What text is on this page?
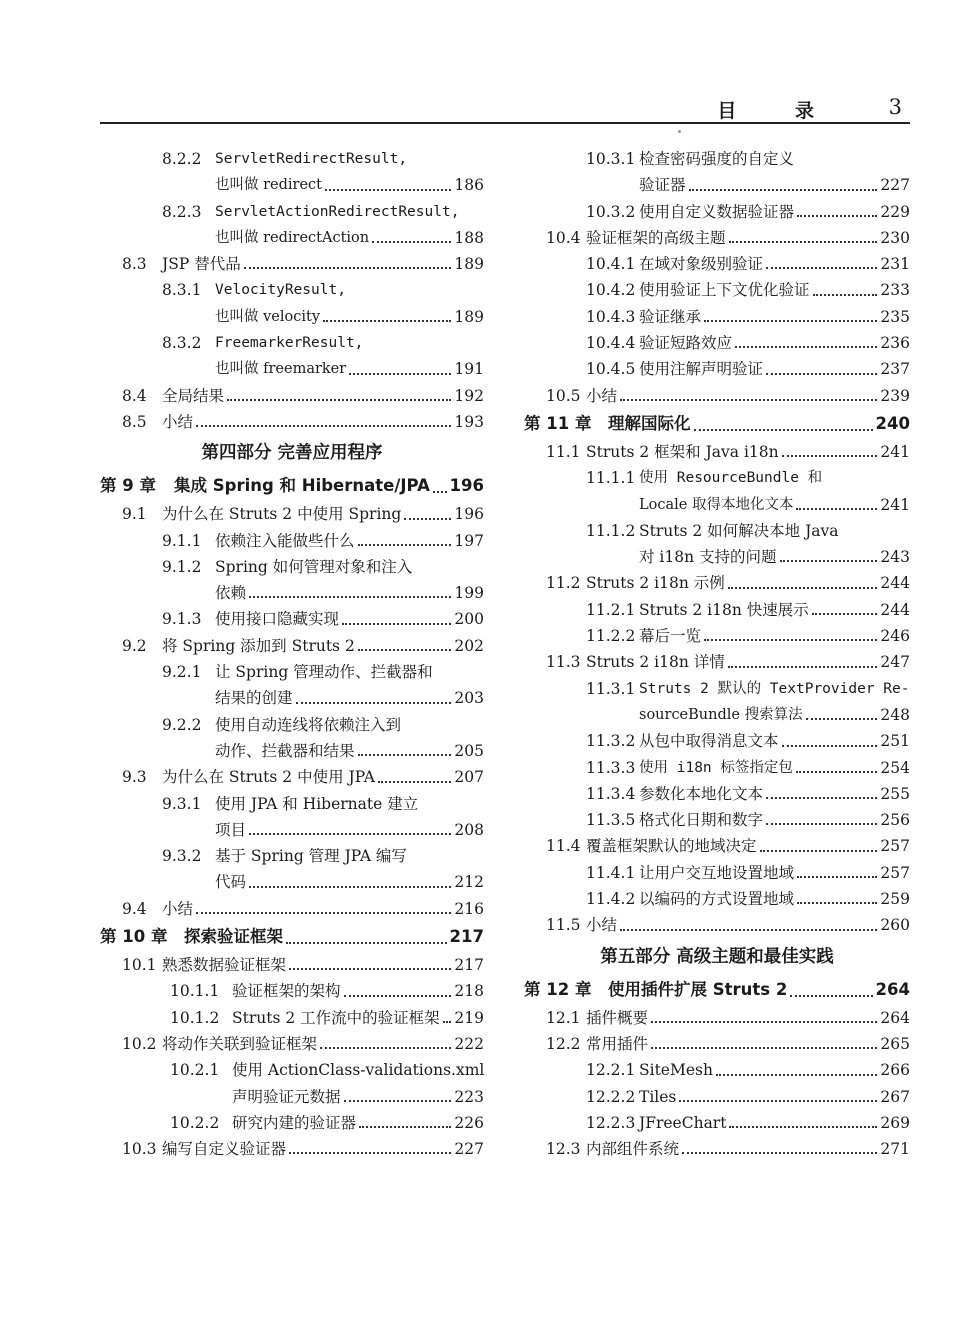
目 录 3
8.2.2 ServletRedirectResult,
也叫做 redirect	186
8.2.3 ServletActionRedirectResult,
也叫做 redirectAction	188
8.3 JSP 替代品	189
8.3.1 VelocityResult,
也叫做 velocity	189
8.3.2 FreemarkerResult,
也叫做 freemarker	191
8.4 全局结果	192
8.5 小结	193
第四部分 完善应用程序
第 9 章 集成 Spring 和 Hibernate/JPA 196
9.1 为什么在 Struts 2 中使用 Spring	196
9.1.1 依赖注入能做些什么	197
9.1.2 Spring 如何管理对象和注入
依赖	199
9.1.3 使用接口隐藏实现	200
9.2 将 Spring 添加到 Struts 2	202
9.2.1 让 Spring 管理动作、拦截器和
结果的创建	203
9.2.2 使用自动连线将依赖注入到
动作、拦截器和结果	205
9.3 为什么在 Struts 2 中使用 JPA	207
9.3.1 使用 JPA 和 Hibernate 建立
项目	208
9.3.2 基于 Spring 管理 JPA 编写
代码	212
9.4 小结	216
第 10 章 探索验证框架	217
10.1 熟悉数据验证框架	217
10.1.1 验证框架的架构	218
10.1.2 Struts 2 工作流中的验证框架 219
10.2 将动作关联到验证框架	222
10.2.1 使用 ActionClass-validations.xml
声明验证元数据	223
10.2.2 研究内建的验证器	226
10.3 编写自定义验证器	227
10.3.1 检查密码强度的自定义
验证器	227
10.3.2 使用自定义数据验证器	229
10.4 验证框架的高级主题	230
10.4.1 在域对象级别验证	231
10.4.2 使用验证上下文优化验证	233
10.4.3 验证继承	235
10.4.4 验证短路效应	236
10.4.5 使用注解声明验证	237
10.5 小结	239
第 11 章 理解国际化	240
11.1 Struts 2 框架和 Java i18n	241
11.1.1 使用 ResourceBundle 和
Locale 取得本地化文本	241
11.1.2 Struts 2 如何解决本地 Java
对 i18n 支持的问题	243
11.2 Struts 2 i18n 示例	244
11.2.1 Struts 2 i18n 快速展示	244
11.2.2 幕后一览	246
11.3 Struts 2 i18n 详情	247
11.3.1 Struts 2 默认的 TextProvider Re-
sourceBundle 搜索算法	248
11.3.2 从包中取得消息文本	251
11.3.3 使用 i18n 标签指定包	254
11.3.4 参数化本地化文本	255
11.3.5 格式化日期和数字	256
11.4 覆盖框架默认的地域决定	257
11.4.1 让用户交互地设置地域	257
11.4.2 以编码的方式设置地域	259
11.5 小结	260
第五部分 高级主题和最佳实践
第 12 章 使用插件扩展 Struts 2	264
12.1 插件概要	264
12.2 常用插件	265
12.2.1 SiteMesh	266
12.2.2 Tiles	267
12.2.3 JFreeChart	269
12.3 内部组件系统	271
